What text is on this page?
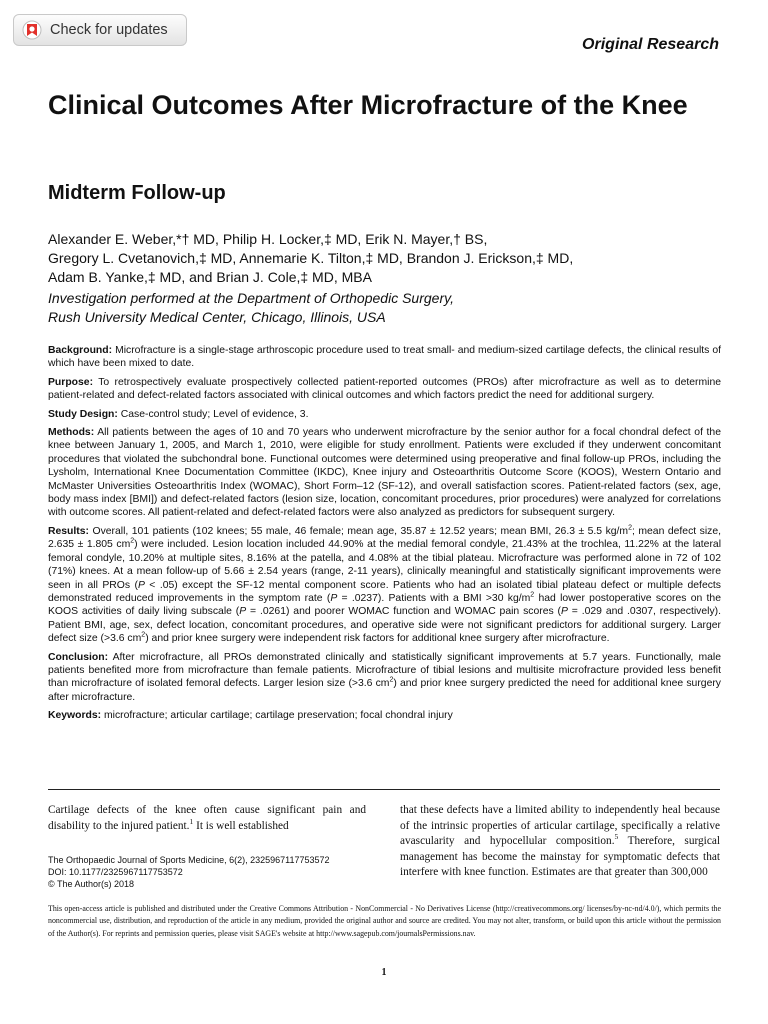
Check for updates
Original Research
Clinical Outcomes After Microfracture of the Knee
Midterm Follow-up
Alexander E. Weber,*† MD, Philip H. Locker,‡ MD, Erik N. Mayer,† BS,
Gregory L. Cvetanovich,‡ MD, Annemarie K. Tilton,‡ MD, Brandon J. Erickson,‡ MD,
Adam B. Yanke,‡ MD, and Brian J. Cole,‡ MD, MBA
Investigation performed at the Department of Orthopedic Surgery,
Rush University Medical Center, Chicago, Illinois, USA

Background: Microfracture is a single-stage arthroscopic procedure used to treat small- and medium-sized cartilage defects, the clinical results of which have been mixed to date.

Purpose: To retrospectively evaluate prospectively collected patient-reported outcomes (PROs) after microfracture as well as to determine patient-related and defect-related factors associated with clinical outcomes and which factors predict the need for additional surgery.

Study Design: Case-control study; Level of evidence, 3.

Methods: All patients between the ages of 10 and 70 years who underwent microfracture by the senior author for a focal chondral defect of the knee between January 1, 2005, and March 1, 2010, were eligible for study enrollment. Patients were excluded if they underwent concomitant procedures that violated the subchondral bone. Functional outcomes were determined using preoperative and final follow-up PROs, including the Lysholm, International Knee Documentation Committee (IKDC), Knee injury and Osteoarthritis Outcome Score (KOOS), Western Ontario and McMaster Universities Osteoarthritis Index (WOMAC), Short Form–12 (SF-12), and overall satisfaction scores. Patient-related factors (sex, age, body mass index [BMI]) and defect-related factors (lesion size, location, concomitant procedures, prior procedures) were analyzed for correlations with outcome scores. All patient-related and defect-related factors were also analyzed as predictors for subsequent surgery.

Results: Overall, 101 patients (102 knees; 55 male, 46 female; mean age, 35.87 ± 12.52 years; mean BMI, 26.3 ± 5.5 $kg/m^2$; mean defect size, 2.635 ± 1.805 $cm^2$) were included. Lesion location included 44.90% at the medial femoral condyle, 21.43% at the trochlea, 11.22% at the lateral femoral condyle, 10.20% at multiple sites, 8.16% at the patella, and 4.08% at the tibial plateau. Microfracture was performed alone in 72 of 102 (71%) knees. At a mean follow-up of 5.66 ± 2.54 years (range, 2-11 years), clinically meaningful and statistically significant improvements were seen in all PROs (P < .05) except the SF-12 mental component score. Patients who had an isolated tibial plateau defect or multiple defects demonstrated reduced improvements in the symptom rate (P = .0237). Patients with a BMI >30 $kg/m^2$ had lower postoperative scores on the KOOS activities of daily living subscale (P = .0261) and poorer WOMAC function and WOMAC pain scores (P = .029 and .0307, respectively). Patient BMI, age, sex, defect location, concomitant procedures, and operative side were not significant predictors for additional surgery. Larger defect size (>3.6 $cm^2$) and prior knee surgery were independent risk factors for additional knee surgery after microfracture.

Conclusion: After microfracture, all PROs demonstrated clinically and statistically significant improvements at 5.7 years. Functionally, male patients benefited more from microfracture than female patients. Microfracture of tibial lesions and multisite microfracture provided less benefit than microfracture of isolated femoral defects. Larger lesion size (>3.6 $cm^2$) and prior knee surgery predicted the need for additional knee surgery after microfracture.

Keywords: microfracture; articular cartilage; cartilage preservation; focal chondral injury

Cartilage defects of the knee often cause significant pain and disability to the injured patient.$^1$ It is well established

that these defects have a limited ability to independently heal because of the intrinsic properties of articular cartilage, specifically a relative avascularity and hypocellular composition.$^5$ Therefore, surgical management has become the mainstay for symptomatic defects that interfere with knee function. Estimates are that greater than 300,000

The Orthopaedic Journal of Sports Medicine, 6(2), 2325967117753572
DOI: 10.1177/2325967117753572
© The Author(s) 2018
This open-access article is published and distributed under the Creative Commons Attribution - NonCommercial - No Derivatives License (http://creativecommons.org/ licenses/by-nc-nd/4.0/), which permits the noncommercial use, distribution, and reproduction of the article in any medium, provided the original author and source are credited. You may not alter, transform, or build upon this article without the permission of the Author(s). For reprints and permission queries, please visit SAGE's website at http://www.sagepub.com/journalsPermissions.nav.
1
